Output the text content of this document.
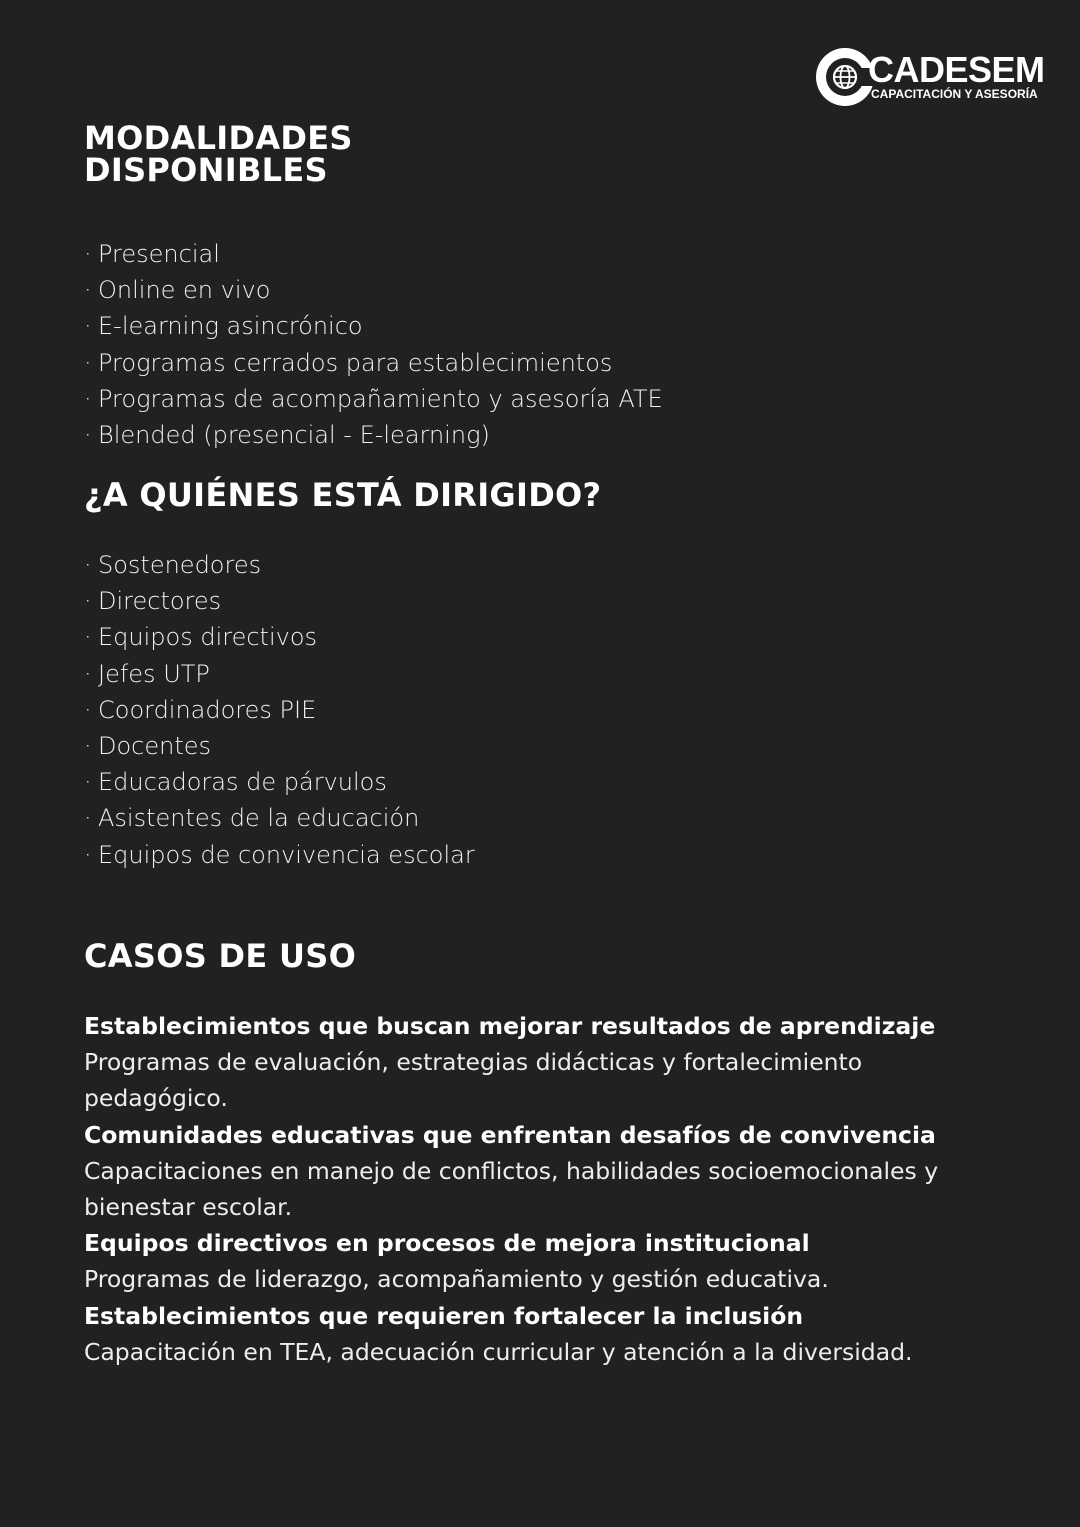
CADESEM
CAPACITACIÓN Y ASESORÍA
MODALIDADES
DISPONIBLES
· Presencial
· Online en vivo
· E-learning asincrónico
· Programas cerrados para establecimientos
· Programas de acompañamiento y asesoría ATE
· Blended (presencial - E-learning)
¿A QUIÉNES ESTÁ DIRIGIDO?
· Sostenedores
· Directores
· Equipos directivos
· Jefes UTP
· Coordinadores PIE
· Docentes
· Educadoras de párvulos
· Asistentes de la educación
· Equipos de convivencia escolar
CASOS DE USO
Establecimientos que buscan mejorar resultados de aprendizaje
Programas de evaluación, estrategias didácticas y fortalecimiento pedagógico.
Comunidades educativas que enfrentan desafíos de convivencia
Capacitaciones en manejo de conflictos, habilidades socioemocionales y bienestar escolar.
Equipos directivos en procesos de mejora institucional
Programas de liderazgo, acompañamiento y gestión educativa.
Establecimientos que requieren fortalecer la inclusión
Capacitación en TEA, adecuación curricular y atención a la diversidad.
